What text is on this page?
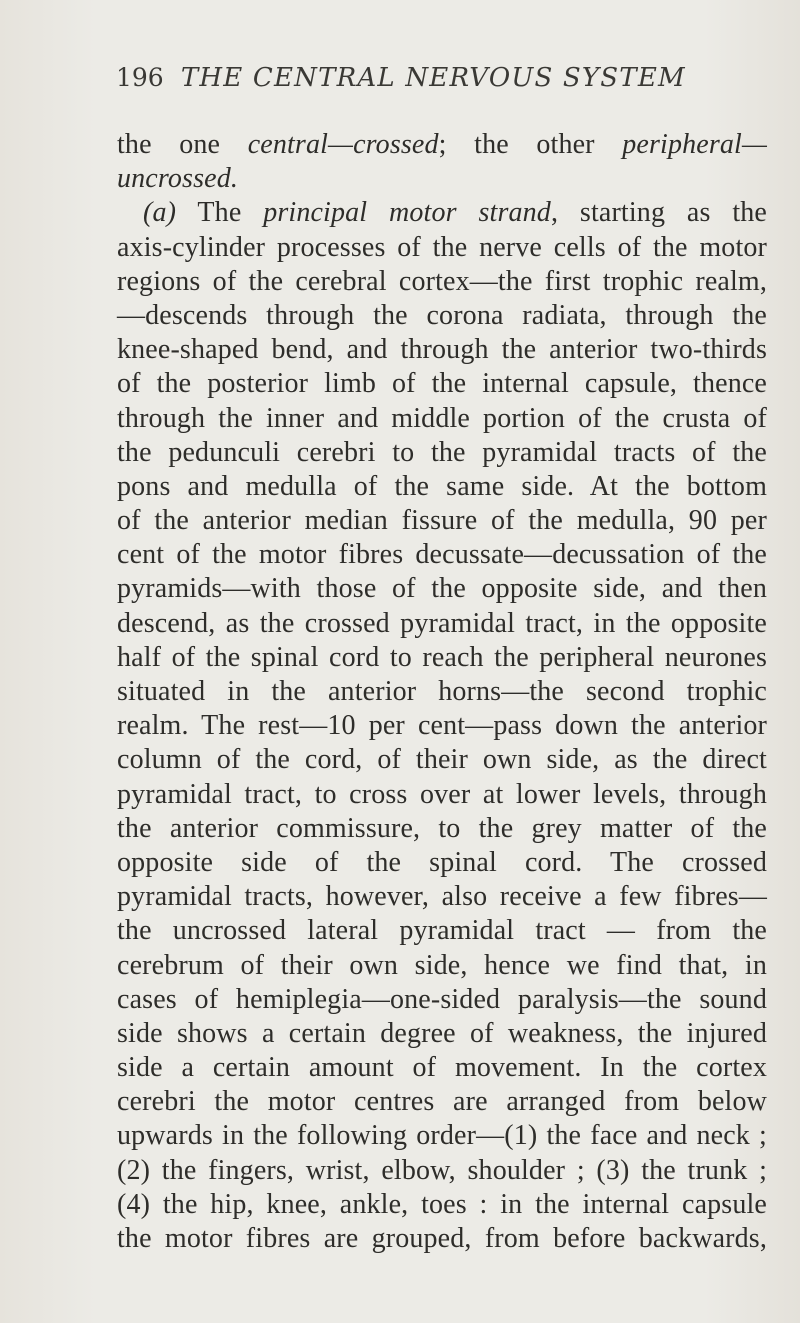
196 THE CENTRAL NERVOUS SYSTEM
the one central—crossed; the other peripheral—
uncrossed.
(a) The principal motor strand, starting as the
axis-cylinder processes of the nerve cells of the motor
regions of the cerebral cortex—the first trophic realm,
—descends through the corona radiata, through the
knee-shaped bend, and through the anterior two-thirds
of the posterior limb of the internal capsule, thence
through the inner and middle portion of the crusta of
the pedunculi cerebri to the pyramidal tracts of the
pons and medulla of the same side. At the bottom
of the anterior median fissure of the medulla, 90 per
cent of the motor fibres decussate—decussation of the
pyramids—with those of the opposite side, and then
descend, as the crossed pyramidal tract, in the opposite
half of the spinal cord to reach the peripheral neurones
situated in the anterior horns—the second trophic
realm. The rest—10 per cent—pass down the anterior
column of the cord, of their own side, as the direct
pyramidal tract, to cross over at lower levels, through
the anterior commissure, to the grey matter of the
opposite side of the spinal cord. The crossed
pyramidal tracts, however, also receive a few fibres—
the uncrossed lateral pyramidal tract — from the
cerebrum of their own side, hence we find that, in
cases of hemiplegia—one-sided paralysis—the sound
side shows a certain degree of weakness, the injured
side a certain amount of movement. In the cortex
cerebri the motor centres are arranged from below
upwards in the following order—(1) the face and neck ;
(2) the fingers, wrist, elbow, shoulder ; (3) the trunk ;
(4) the hip, knee, ankle, toes : in the internal capsule
the motor fibres are grouped, from before backwards,
